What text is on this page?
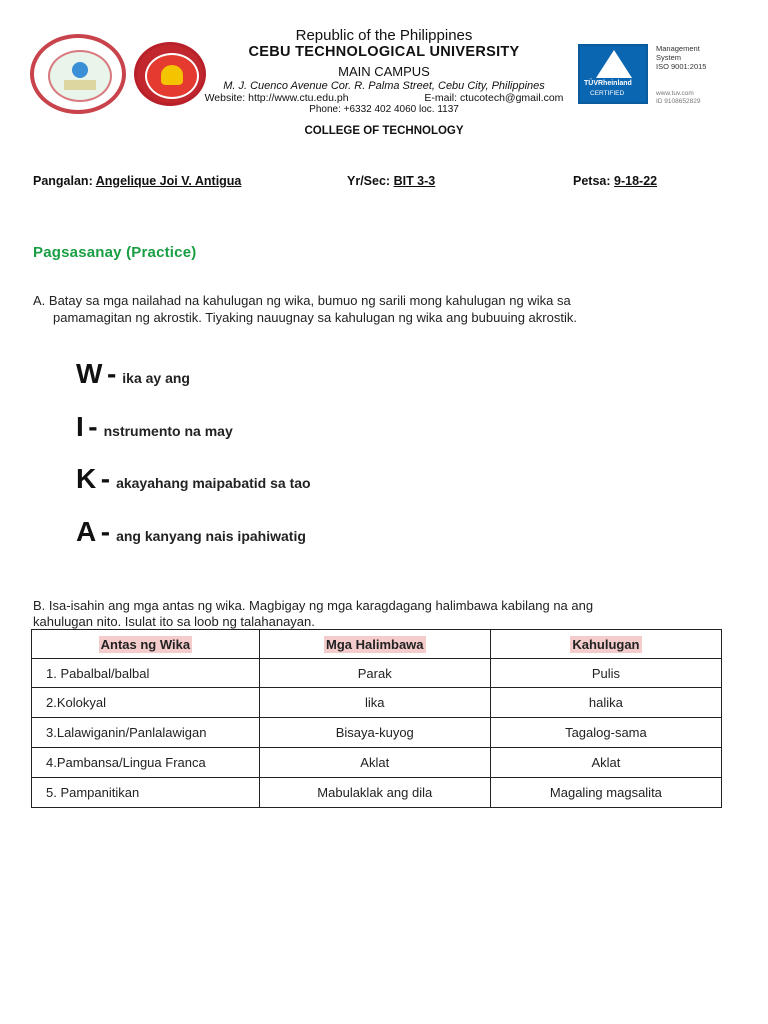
Republic of the Philippines
CEBU TECHNOLOGICAL UNIVERSITY
MAIN CAMPUS
M. J. Cuenco Avenue Cor. R. Palma Street, Cebu City, Philippines
Website: http://www.ctu.edu.ph	E-mail: ctucotech@gmail.com
Phone: +6332 402 4060 loc. 1137
COLLEGE OF TECHNOLOGY
TÜVRheinland
CERTIFIED
Management
System
ISO 9001:2015
www.tuv.com
ID 9108652829
Pangalan: Angelique Joi V. Antigua	Yr/Sec: BIT 3-3	Petsa: 9-18-22
Pagsasanay (Practice)
A. Batay sa mga nailahad na kahulugan ng wika, bumuo ng sarili mong kahulugan ng wika sa
pamamagitan ng akrostik. Tiyaking nauugnay sa kahulugan ng wika ang bubuuing akrostik.
W - ika ay ang
I - nstrumento na may
K - akayahang maipabatid sa tao
A - ang kanyang nais ipahiwatig
B. Isa-isahin ang mga antas ng wika. Magbigay ng mga karagdagang halimbawa kabilang na ang
kahulugan nito. Isulat ito sa loob ng talahanayan.
Antas ng Wika	Mga Halimbawa	Kahulugan
1. Pabalbal/balbal	Parak	Pulis
2.Kolokyal	lika	halika
3.Lalawiganin/Panlalawigan	Bisaya-kuyog	Tagalog-sama
4.Pambansa/Lingua Franca	Aklat	Aklat
5. Pampanitikan	Mabulaklak ang dila	Magaling magsalita
